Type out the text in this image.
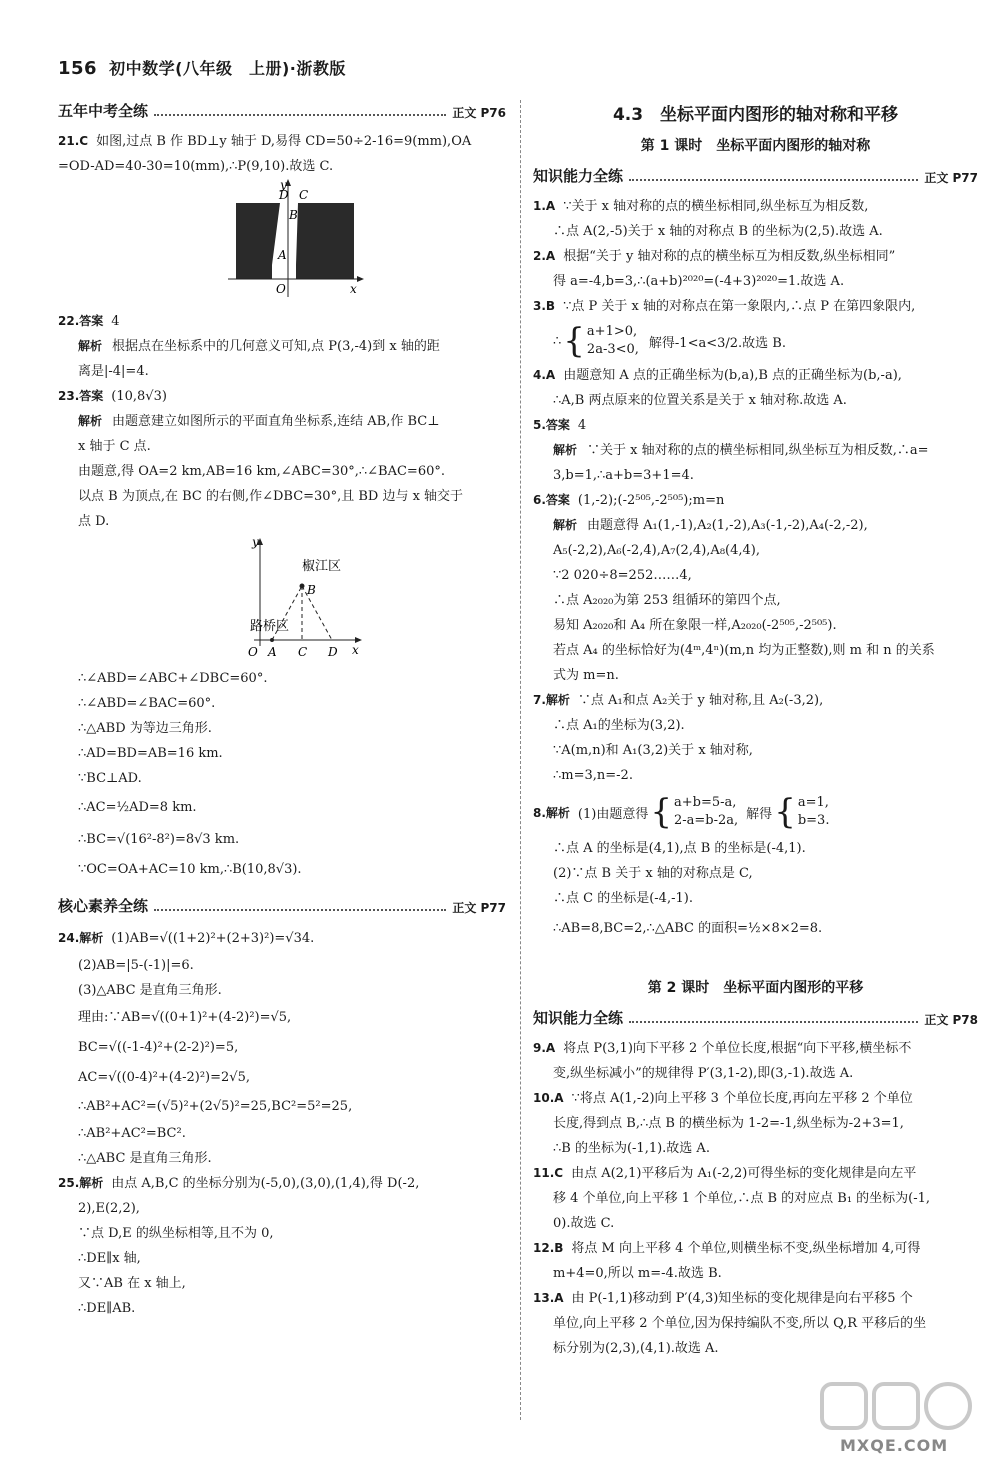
156 初中数学(八年级　上册)·浙教版
五年中考全练	正文 P76

21.C 如图,过点 B 作 BD⊥y 轴于 D,易得 CD=50÷2-16=9(mm),OA

=OD-AD=40-30=10(mm),∴P(9,10).故选 C.

D C
B
A
O	x
y

22.答案 4

解析 根据点在坐标系中的几何意义可知,点 P(3,-4)到 x 轴的距

离是|-4|=4.

23.答案 (10,8√3)

解析 由题意建立如图所示的平面直角坐标系,连结 AB,作 BC⊥

x 轴于 C 点.

由题意,得 OA=2 km,AB=16 km,∠ABC=30°,∴∠BAC=60°.

以点 B 为顶点,在 BC 的右侧,作∠DBC=30°,且 BD 边与 x 轴交于

点 D.

椒江区
B
路桥区
O A C D x
y

∴∠ABD=∠ABC+∠DBC=60°.

∴∠ABD=∠BAC=60°.

∴△ABD 为等边三角形.

∴AD=BD=AB=16 km.

∵BC⊥AD.

∴AC=½AD=8 km.

∴BC=√(16²-8²)=8√3 km.

∵OC=OA+AC=10 km,∴B(10,8√3).

核心素养全练	正文 P77

24.解析 (1)AB=√((1+2)²+(2+3)²)=√34.

(2)AB=|5-(-1)|=6.

(3)△ABC 是直角三角形.

理由:∵AB=√((0+1)²+(4-2)²)=√5,

BC=√((-1-4)²+(2-2)²)=5,

AC=√((0-4)²+(4-2)²)=2√5,

∴AB²+AC²=(√5)²+(2√5)²=25,BC²=5²=25,

∴AB²+AC²=BC².

∴△ABC 是直角三角形.

25.解析 由点 A,B,C 的坐标分别为(-5,0),(3,0),(1,4),得 D(-2,

2),E(2,2),

∵点 D,E 的纵坐标相等,且不为 0,

∴DE∥x 轴,

又∵AB 在 x 轴上,

∴DE∥AB.

4.3　坐标平面内图形的轴对称和平移
第 1 课时　坐标平面内图形的轴对称
知识能力全练	正文 P77

1.A ∵关于 x 轴对称的点的横坐标相同,纵坐标互为相反数,

∴点 A(2,-5)关于 x 轴的对称点 B 的坐标为(2,5).故选 A.

2.A 根据“关于 y 轴对称的点的横坐标互为相反数,纵坐标相同”

得 a=-4,b=3,∴(a+b)²⁰²⁰=(-4+3)²⁰²⁰=1.故选 A.

3.B ∵点 P 关于 x 轴的对称点在第一象限内,∴点 P 在第四象限内,

∴ { a+1>0,
2a-3<0, 解得-1<a<3/2.故选 B.

4.A 由题意知 A 点的正确坐标为(b,a),B 点的正确坐标为(b,-a),

∴A,B 两点原来的位置关系是关于 x 轴对称.故选 A.

5.答案 4

解析 ∵关于 x 轴对称的点的横坐标相同,纵坐标互为相反数,∴a=

3,b=1,∴a+b=3+1=4.

6.答案 (1,-2);(-2⁵⁰⁵,-2⁵⁰⁵);m=n

解析 由题意得 A₁(1,-1),A₂(1,-2),A₃(-1,-2),A₄(-2,-2),

A₅(-2,2),A₆(-2,4),A₇(2,4),A₈(4,4),

∵2 020÷8=252……4,

∴点 A₂₀₂₀为第 253 组循环的第四个点,

易知 A₂₀₂₀和 A₄ 所在象限一样,A₂₀₂₀(-2⁵⁰⁵,-2⁵⁰⁵).

若点 A₄ 的坐标恰好为(4ᵐ,4ⁿ)(m,n 均为正整数),则 m 和 n 的关系

式为 m=n.

7.解析 ∵点 A₁和点 A₂关于 y 轴对称,且 A₂(-3,2),

∴点 A₁的坐标为(3,2).

∵A(m,n)和 A₁(3,2)关于 x 轴对称,

∴m=3,n=-2.

8.解析 (1)由题意得 { a+b=5-a,
2-a=b-2a, 解得 { a=1,
b=3.

∴点 A 的坐标是(4,1),点 B 的坐标是(-4,1).

(2)∵点 B 关于 x 轴的对称点是 C,

∴点 C 的坐标是(-4,-1).

∴AB=8,BC=2,∴△ABC 的面积=½×8×2=8.

第 2 课时　坐标平面内图形的平移
知识能力全练	正文 P78

9.A 将点 P(3,1)向下平移 2 个单位长度,根据“向下平移,横坐标不

变,纵坐标减小”的规律得 P′(3,1-2),即(3,-1).故选 A.

10.A ∵将点 A(1,-2)向上平移 3 个单位长度,再向左平移 2 个单位

长度,得到点 B,∴点 B 的横坐标为 1-2=-1,纵坐标为-2+3=1,

∴B 的坐标为(-1,1).故选 A.

11.C 由点 A(2,1)平移后为 A₁(-2,2)可得坐标的变化规律是向左平

移 4 个单位,向上平移 1 个单位,∴点 B 的对应点 B₁ 的坐标为(-1,

0).故选 C.

12.B 将点 M 向上平移 4 个单位,则横坐标不变,纵坐标增加 4,可得

m+4=0,所以 m=-4.故选 B.

13.A 由 P(-1,1)移动到 P′(4,3)知坐标的变化规律是向右平移5 个

单位,向上平移 2 个单位,因为保持编队不变,所以 Q,R 平移后的坐

标分别为(2,3),(4,1).故选 A.

MXQE.COM
